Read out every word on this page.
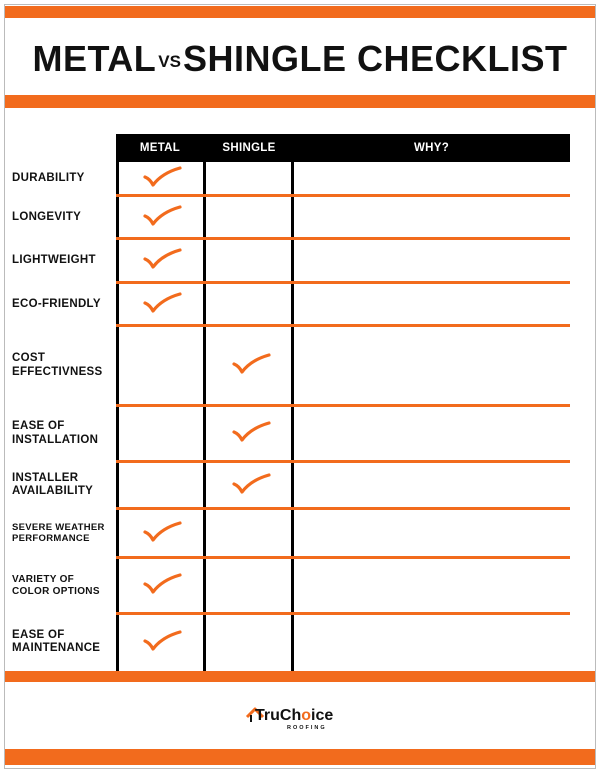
METAL VSSHINGLE CHECKLIST
METAL	SHINGLE	WHY?
DURABILITY
LONGEVITY
LIGHTWEIGHT
ECO-FRIENDLY
COST
EFFECTIVNESS
EASE OF
INSTALLATION
INSTALLER
AVAILABILITY
SEVERE WEATHER
PERFORMANCE
VARIETY OF
COLOR OPTIONS
EASE OF
MAINTENANCE
TruChoice
ROOFING
